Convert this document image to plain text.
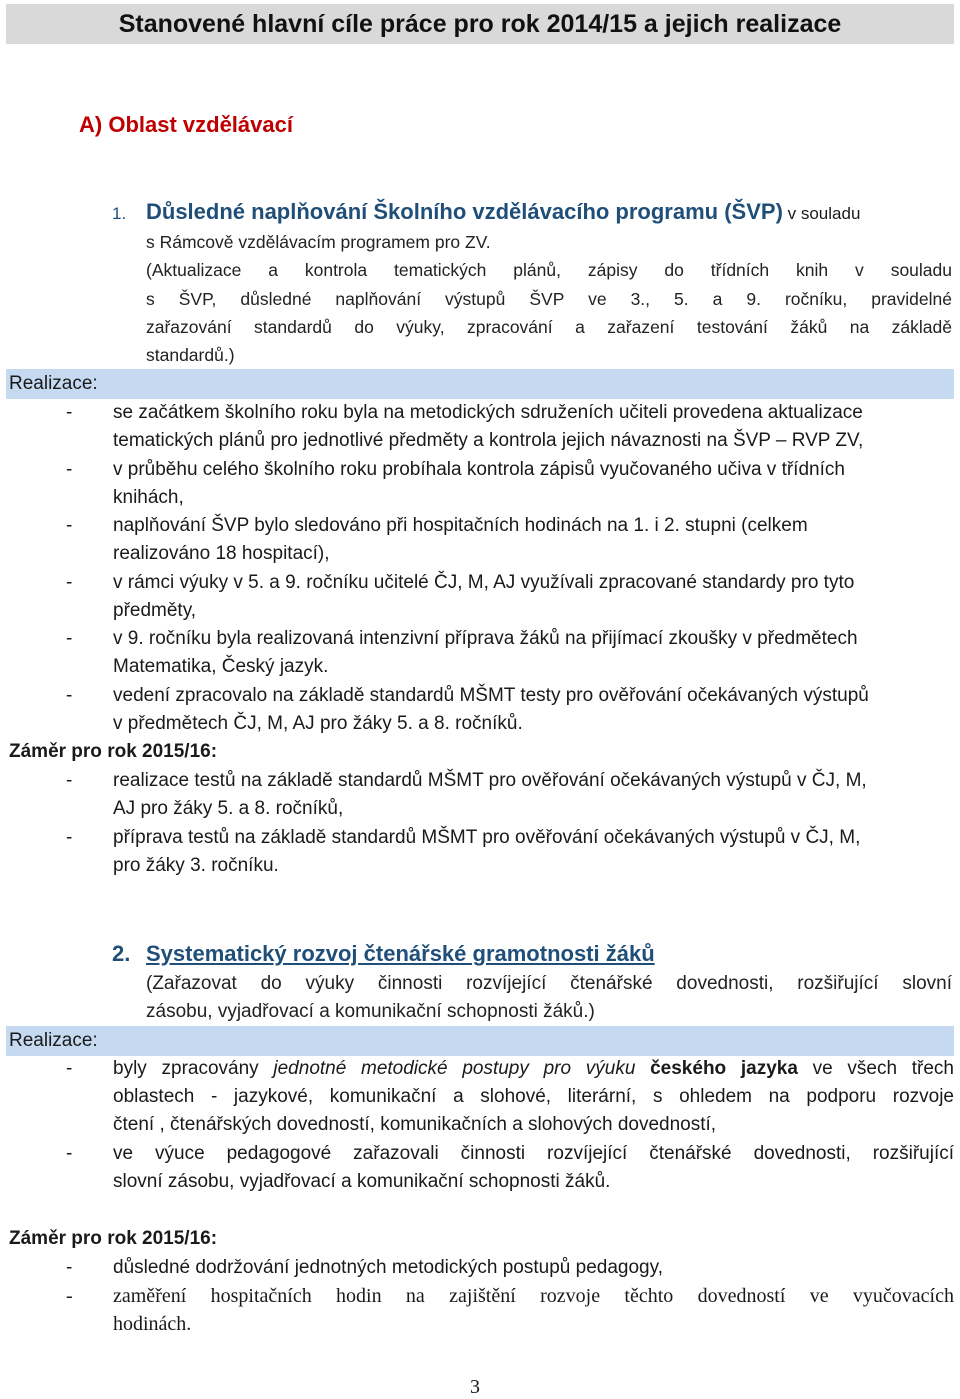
Stanovené hlavní cíle práce pro rok 2014/15 a jejich realizace
A) Oblast vzdělávací
1. Důsledné naplňování Školního vzdělávacího programu (ŠVP) v souladu
s Rámcově vzdělávacím programem pro ZV.
(Aktualizace a kontrola tematických plánů, zápisy do třídních knih v souladu
s ŠVP, důsledné naplňování výstupů ŠVP ve 3., 5. a 9. ročníku, pravidelné
zařazování standardů do výuky, zpracování a zařazení testování žáků na základě
standardů.)
Realizace:
- se začátkem školního roku byla na metodických sdruženích učiteli provedena aktualizace
tematických plánů pro jednotlivé předměty a kontrola jejich návaznosti na ŠVP – RVP ZV,
- v průběhu celého školního roku probíhala kontrola zápisů vyučovaného učiva v třídních
knihách,
- naplňování ŠVP bylo sledováno při hospitačních hodinách na 1. i 2. stupni (celkem
realizováno 18 hospitací),
- v rámci výuky v 5. a 9. ročníku učitelé ČJ, M, AJ využívali zpracované standardy pro tyto
předměty,
- v 9. ročníku byla realizovaná intenzivní příprava žáků na přijímací zkoušky v předmětech
Matematika, Český jazyk.
- vedení zpracovalo na základě standardů MŠMT testy pro ověřování očekávaných výstupů
v předmětech ČJ, M, AJ pro žáky 5. a 8. ročníků.
Záměr pro rok 2015/16:
- realizace testů na základě standardů MŠMT pro ověřování očekávaných výstupů v ČJ, M,
AJ pro žáky 5. a 8. ročníků,
- příprava testů na základě standardů MŠMT pro ověřování očekávaných výstupů v ČJ, M,
pro žáky 3. ročníku.
2. Systematický rozvoj čtenářské gramotnosti žáků
(Zařazovat do výuky činnosti rozvíjející čtenářské dovednosti, rozšiřující slovní
zásobu, vyjadřovací a komunikační schopnosti žáků.)
Realizace:
- byly zpracovány jednotné metodické postupy pro výuku českého jazyka ve všech třech
oblastech - jazykové, komunikační a slohové, literární, s ohledem na podporu rozvoje
čtení , čtenářských dovedností, komunikačních a slohových dovedností,
- ve výuce pedagogové zařazovali činnosti rozvíjející čtenářské dovednosti, rozšiřující
slovní zásobu, vyjadřovací a komunikační schopnosti žáků.
Záměr pro rok 2015/16:
- důsledné dodržování jednotných metodických postupů pedagogy,
- zaměření hospitačních hodin na zajištění rozvoje těchto dovedností ve vyučovacích
hodinách.
3
